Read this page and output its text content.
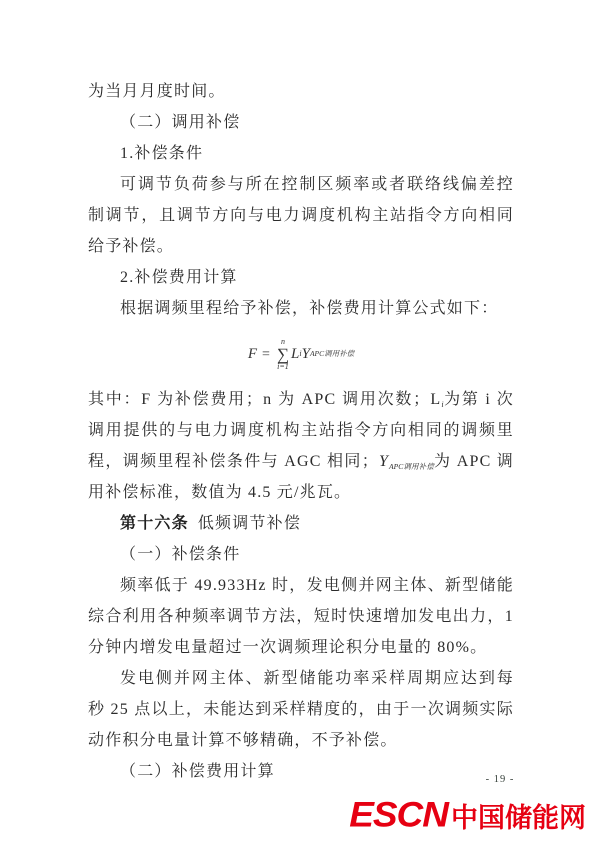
为当月月度时间。

（二）调用补偿

1.补偿条件

可调节负荷参与所在控制区频率或者联络线偏差控制调节，且调节方向与电力调度机构主站指令方向相同给予补偿。

2.补偿费用计算

根据调频里程给予补偿，补偿费用计算公式如下：

F =
n
∑
i=1
L i Y APC调用补偿

其中：F 为补偿费用；n 为 APC 调用次数；$L_i$为第 i 次调用提供的与电力调度机构主站指令方向相同的调频里程，调频里程补偿条件与 AGC 相同；$Y_{APC调用补偿}$为 APC 调用补偿标准，数值为 4.5 元/兆瓦。

第十六条 低频调节补偿

（一）补偿条件

频率低于 49.933Hz 时，发电侧并网主体、新型储能综合利用各种频率调节方法，短时快速增加发电出力，1 分钟内增发电量超过一次调频理论积分电量的 80%。

发电侧并网主体、新型储能功率采样周期应达到每秒 25 点以上，未能达到采样精度的，由于一次调频实际动作积分电量计算不够精确，不予补偿。

（二）补偿费用计算	- 19 -
ESCN 中国储能网
